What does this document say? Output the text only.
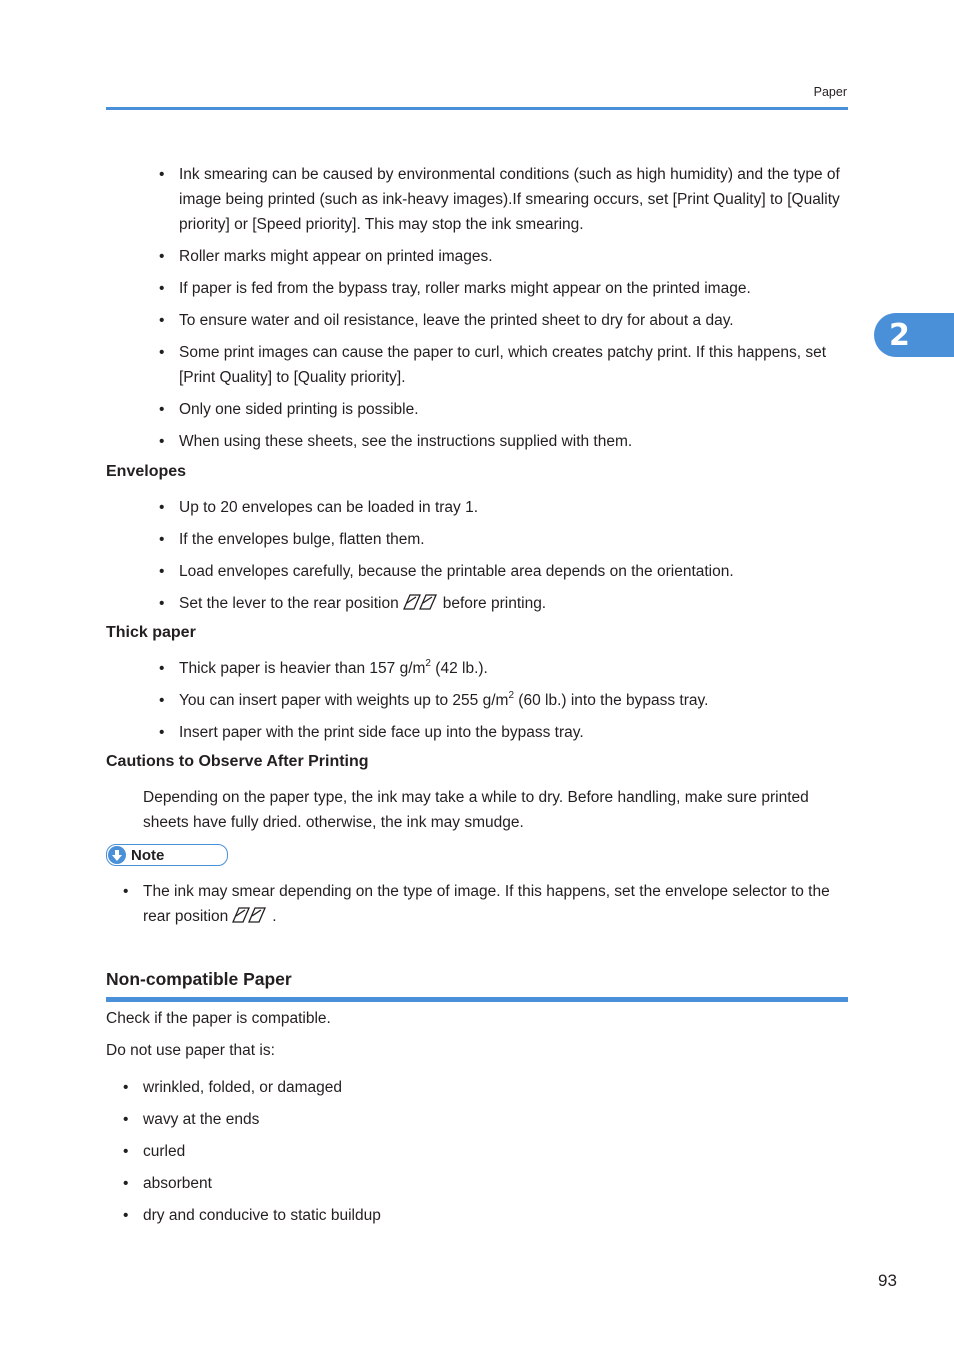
Paper
2
• Ink smearing can be caused by environmental conditions (such as high humidity) and the type of image being printed (such as ink-heavy images).If smearing occurs, set [Print Quality] to [Quality priority] or [Speed priority]. This may stop the ink smearing.
• Roller marks might appear on printed images.
• If paper is fed from the bypass tray, roller marks might appear on the printed image.
• To ensure water and oil resistance, leave the printed sheet to dry for about a day.
• Some print images can cause the paper to curl, which creates patchy print. If this happens, set [Print Quality] to [Quality priority].
• Only one sided printing is possible.
• When using these sheets, see the instructions supplied with them.
Envelopes
• Up to 20 envelopes can be loaded in tray 1.
• If the envelopes bulge, flatten them.
• Load envelopes carefully, because the printable area depends on the orientation.
• Set the lever to the rear position	before printing.
Thick paper
• Thick paper is heavier than 157 $g/m^2$ (42 lb.).
• You can insert paper with weights up to 255 $g/m^2$ (60 lb.) into the bypass tray.
• Insert paper with the print side face up into the bypass tray.
Cautions to Observe After Printing
Depending on the paper type, the ink may take a while to dry. Before handling, make sure printed sheets have fully dried. otherwise, the ink may smudge.
Note
• The ink may smear depending on the type of image. If this happens, set the envelope selector to the rear position	.
Non-compatible Paper
Check if the paper is compatible.
Do not use paper that is:
• wrinkled, folded, or damaged
• wavy at the ends
• curled
• absorbent
• dry and conducive to static buildup
93
